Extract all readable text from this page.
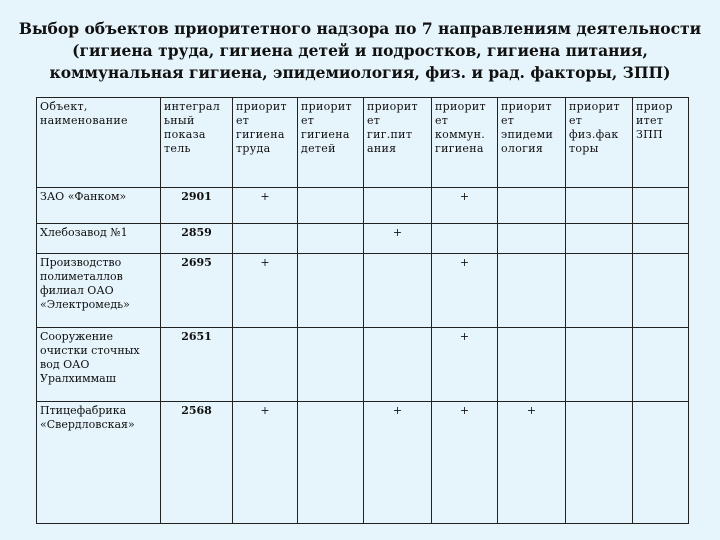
Выбор объектов приоритетного надзора по 7 направлениям деятельности
(гигиена труда, гигиена детей и подростков, гигиена питания,
коммунальная гигиена, эпидемиология, физ. и рад. факторы, ЗПП)
Объект, наименование	интеграл ьный показа тель	приорит ет гигиена труда	приорит ет гигиена детей	приорит ет гиг.пит ания	приорит ет коммун. гигиена	приорит ет эпидеми ология	приорит ет физ.фак торы	приор итет ЗПП
ЗАО «Фанком»	2901	+			+			
Хлебозавод №1	2859			+				
Производство полиметаллов филиал ОАО «Электромедь»	2695	+			+			
Сооружение очистки сточных вод ОАО Уралхиммаш	2651				+			
Птицефабрика «Свердловская»	2568	+		+	+	+		
